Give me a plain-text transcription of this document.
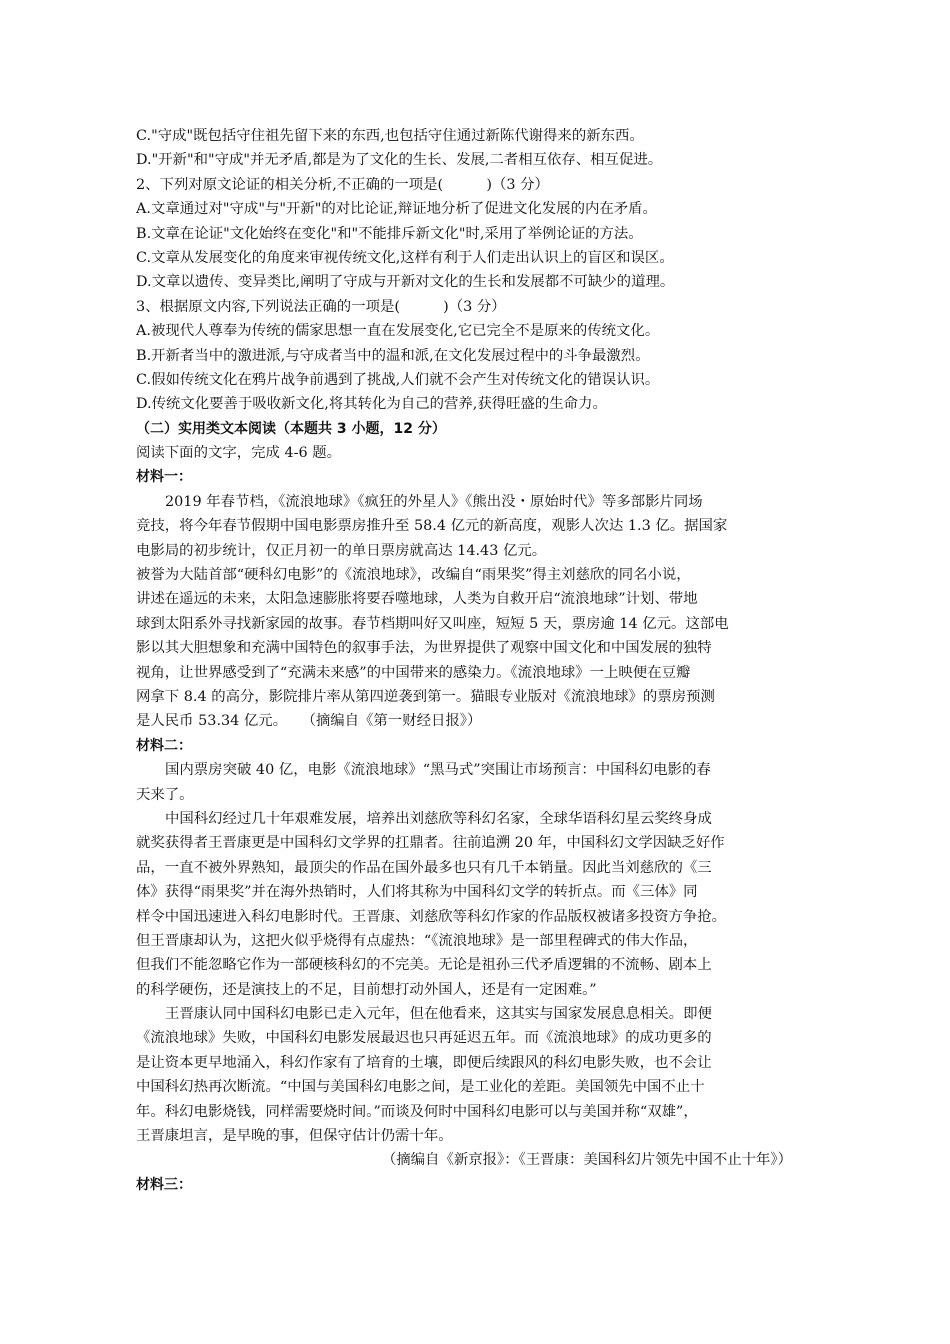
C."守成"既包括守住祖先留下来的东西,也包括守住通过新陈代谢得来的新东西。
D."开新"和"守成"并无矛盾,都是为了文化的生长、发展,二者相互依存、相互促进。
2、下列对原文论证的相关分析,不正确的一项是(　　　)（3 分）
A.文章通过对"守成"与"开新"的对比论证,辩证地分析了促进文化发展的内在矛盾。
B.文章在论证"文化始终在变化"和"不能排斥新文化"时,采用了举例论证的方法。
C.文章从发展变化的角度来审视传统文化,这样有利于人们走出认识上的盲区和误区。
D.文章以遗传、变异类比,阐明了守成与开新对文化的生长和发展都不可缺少的道理。
3、根据原文内容,下列说法正确的一项是(　　　)（3 分）
A.被现代人尊奉为传统的儒家思想一直在发展变化,它已完全不是原来的传统文化。
B.开新者当中的激进派,与守成者当中的温和派,在文化发展过程中的斗争最激烈。
C.假如传统文化在鸦片战争前遇到了挑战,人们就不会产生对传统文化的错误认识。
D.传统文化要善于吸收新文化,将其转化为自己的营养,获得旺盛的生命力。
（二）实用类文本阅读（本题共 3 小题，12 分）
阅读下面的文字，完成 4-6 题。
材料一：
2019 年春节档，《流浪地球》《疯狂的外星人》《熊出没・原始时代》等多部影片同场
竞技，将今年春节假期中国电影票房推升至 58.4 亿元的新高度，观影人次达 1.3 亿。据国家
电影局的初步统计，仅正月初一的单日票房就高达 14.43 亿元。
被誉为大陆首部“硬科幻电影”的《流浪地球》，改编自“雨果奖”得主刘慈欣的同名小说，
讲述在遥远的未来，太阳急速膨胀将要吞噬地球，人类为自救开启“流浪地球”计划、带地
球到太阳系外寻找新家园的故事。春节档期叫好又叫座，短短 5 天，票房逾 14 亿元。这部电
影以其大胆想象和充满中国特色的叙事手法，为世界提供了观察中国文化和中国发展的独特
视角，让世界感受到了“充满未来感”的中国带来的感染力。《流浪地球》一上映便在豆瓣
网拿下 8.4 的高分，影院排片率从第四逆袭到第一。猫眼专业版对《流浪地球》的票房预测
是人民币 53.34 亿元。　　（摘编自《第一财经日报》）
材料二：
国内票房突破 40 亿，电影《流浪地球》“黑马式”突围让市场预言：中国科幻电影的春
天来了。
中国科幻经过几十年艰难发展，培养出刘慈欣等科幻名家，全球华语科幻星云奖终身成
就奖获得者王晋康更是中国科幻文学界的扛鼎者。往前追溯 20 年，中国科幻文学因缺乏好作
品，一直不被外界熟知，最顶尖的作品在国外最多也只有几千本销量。因此当刘慈欣的《三
体》获得“雨果奖”并在海外热销时，人们将其称为中国科幻文学的转折点。而《三体》同
样令中国迅速进入科幻电影时代。王晋康、刘慈欣等科幻作家的作品版权被诸多投资方争抢。
但王晋康却认为，这把火似乎烧得有点虚热：“《流浪地球》是一部里程碑式的伟大作品，
但我们不能忽略它作为一部硬核科幻的不完美。无论是祖孙三代矛盾逻辑的不流畅、剧本上
的科学硬伤，还是演技上的不足，目前想打动外国人，还是有一定困难。”
王晋康认同中国科幻电影已走入元年，但在他看来，这其实与国家发展息息相关。即便
《流浪地球》失败，中国科幻电影发展最迟也只再延迟五年。而《流浪地球》的成功更多的
是让资本更早地涌入，科幻作家有了培育的土壤，即便后续跟风的科幻电影失败，也不会让
中国科幻热再次断流。“中国与美国科幻电影之间，是工业化的差距。美国领先中国不止十
年。科幻电影烧钱，同样需要烧时间。”而谈及何时中国科幻电影可以与美国并称“双雄”，
王晋康坦言，是早晚的事，但保守估计仍需十年。
（摘编自《新京报》：《王晋康：美国科幻片领先中国不止十年》）
材料三：
